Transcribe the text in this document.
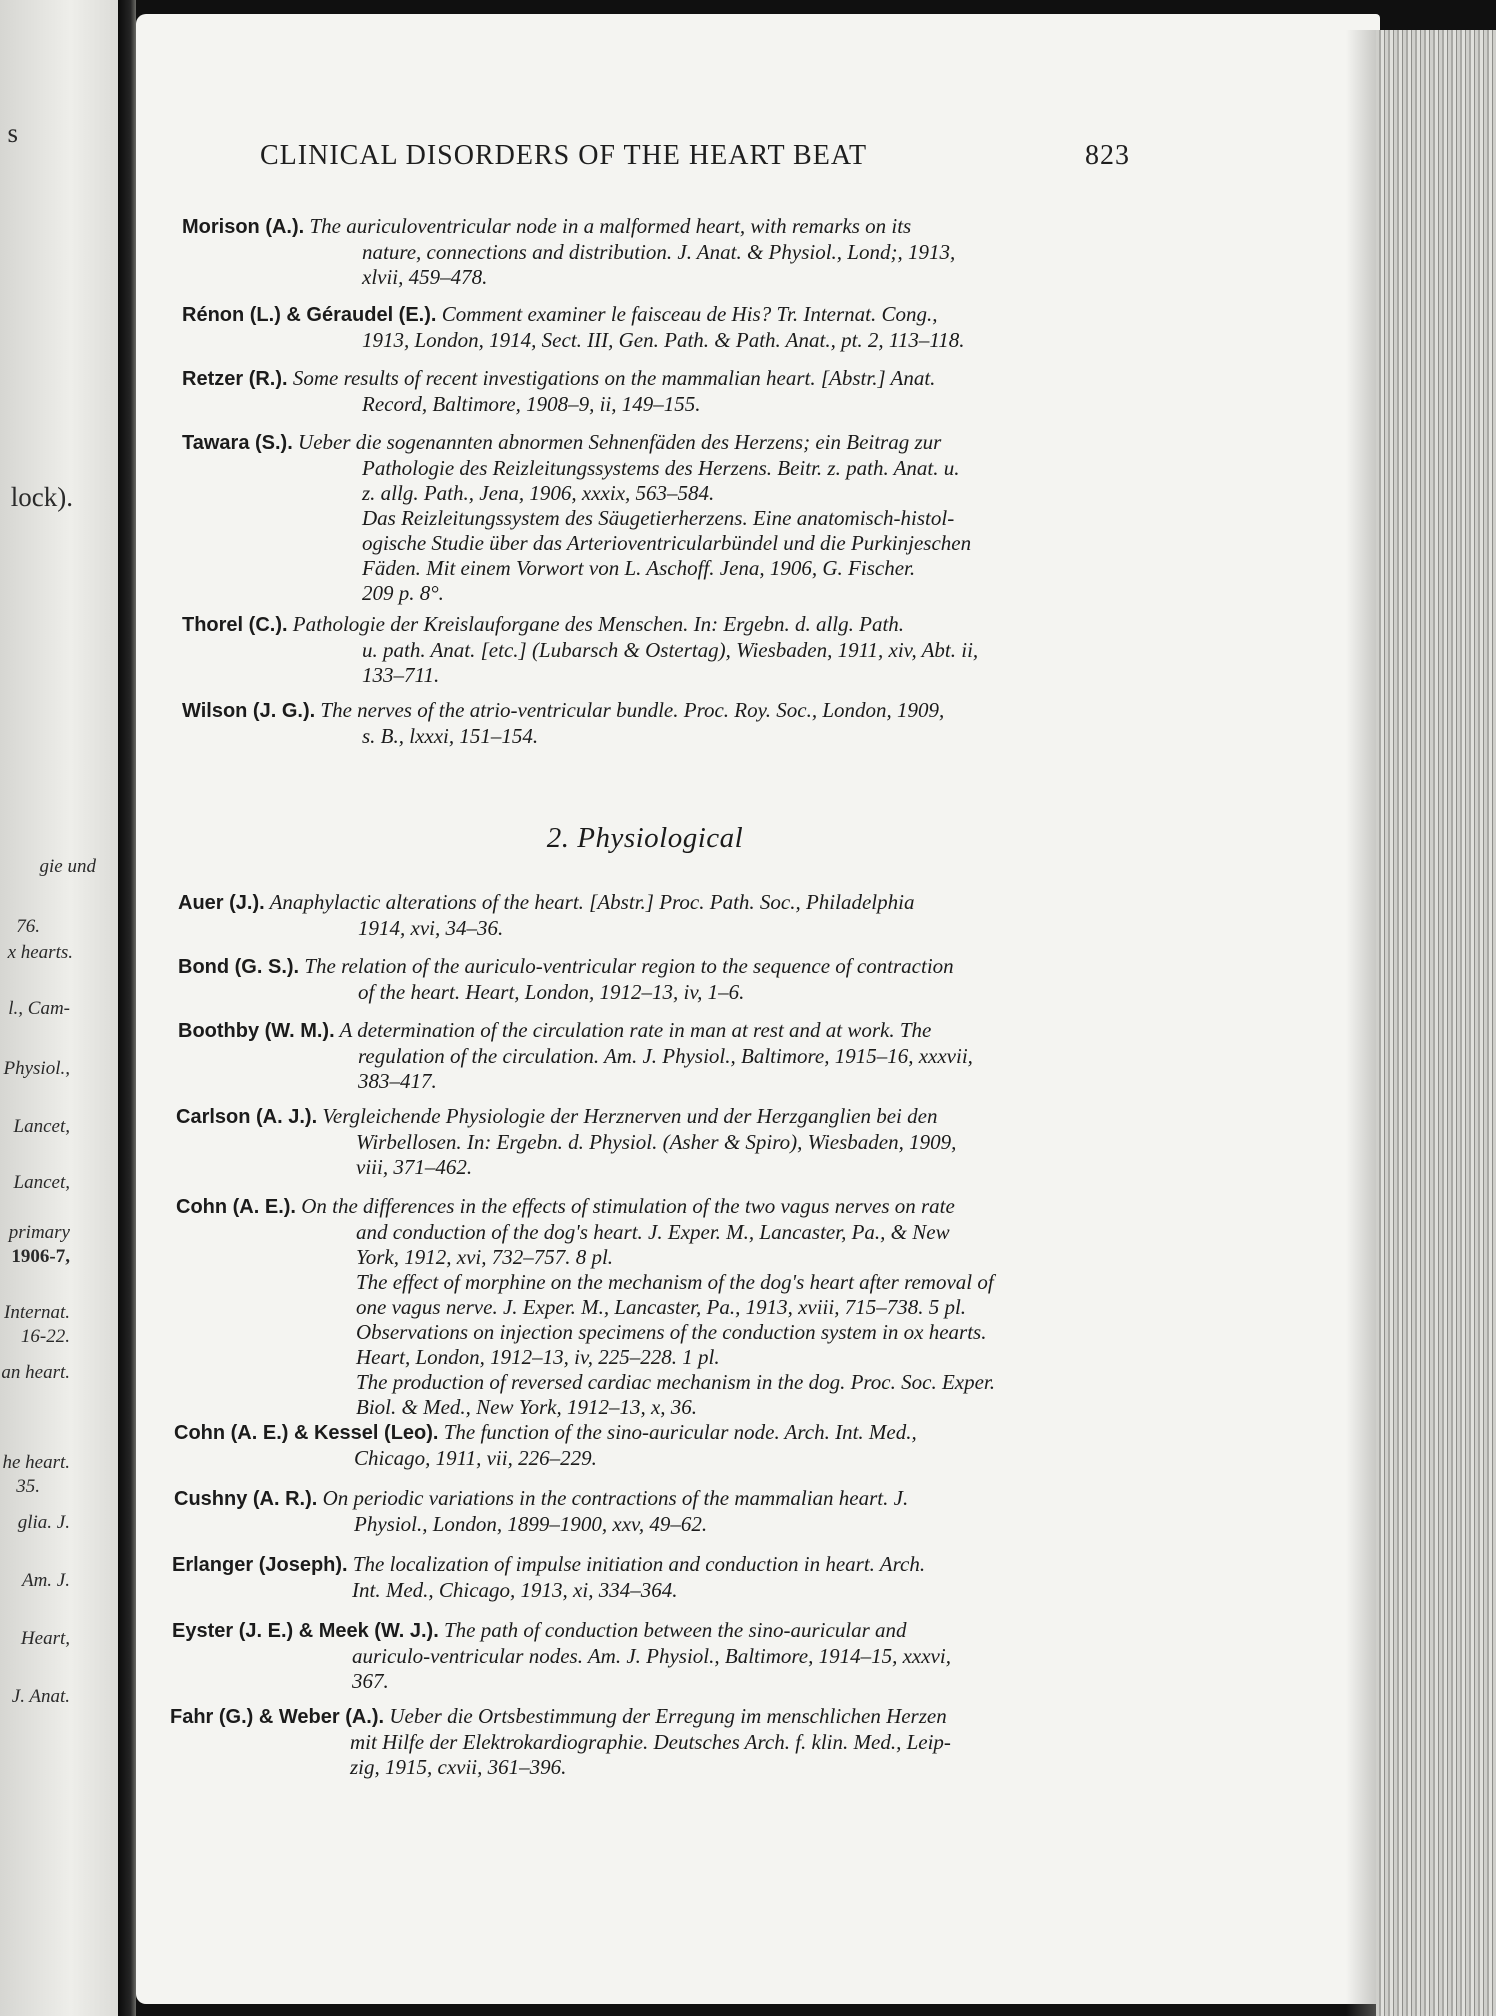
s
lock).
gie und
76.
x hearts.
l., Cam-
Physiol.,
Lancet,
Lancet,
primary
1906-7,
Internat.
16-22.
an heart.
he heart.
35.
glia. J.
Am. J.
Heart,
J. Anat.
CLINICAL DISORDERS OF THE HEART BEAT	823
Morison (A.). The auriculoventricular node in a malformed heart, with remarks on its
nature, connections and distribution. J. Anat. & Physiol., Lond;, 1913,
xlvii, 459–478.
Rénon (L.) & Géraudel (E.). Comment examiner le faisceau de His? Tr. Internat. Cong.,
1913, London, 1914, Sect. III, Gen. Path. & Path. Anat., pt. 2, 113–118.
Retzer (R.). Some results of recent investigations on the mammalian heart. [Abstr.] Anat.
Record, Baltimore, 1908–9, ii, 149–155.
Tawara (S.). Ueber die sogenannten abnormen Sehnenfäden des Herzens; ein Beitrag zur
Pathologie des Reizleitungssystems des Herzens. Beitr. z. path. Anat. u.
z. allg. Path., Jena, 1906, xxxix, 563–584.
Das Reizleitungssystem des Säugetierherzens. Eine anatomisch-histol-
ogische Studie über das Arterioventricularbündel und die Purkinjeschen
Fäden. Mit einem Vorwort von L. Aschoff. Jena, 1906, G. Fischer.
209 p. 8°.
Thorel (C.). Pathologie der Kreislauforgane des Menschen. In: Ergebn. d. allg. Path.
u. path. Anat. [etc.] (Lubarsch & Ostertag), Wiesbaden, 1911, xiv, Abt. ii,
133–711.
Wilson (J. G.). The nerves of the atrio-ventricular bundle. Proc. Roy. Soc., London, 1909,
s. B., lxxxi, 151–154.
2. Physiological
Auer (J.). Anaphylactic alterations of the heart. [Abstr.] Proc. Path. Soc., Philadelphia
1914, xvi, 34–36.
Bond (G. S.). The relation of the auriculo-ventricular region to the sequence of contraction
of the heart. Heart, London, 1912–13, iv, 1–6.
Boothby (W. M.). A determination of the circulation rate in man at rest and at work. The
regulation of the circulation. Am. J. Physiol., Baltimore, 1915–16, xxxvii,
383–417.
Carlson (A. J.). Vergleichende Physiologie der Herznerven und der Herzganglien bei den
Wirbellosen. In: Ergebn. d. Physiol. (Asher & Spiro), Wiesbaden, 1909,
viii, 371–462.
Cohn (A. E.). On the differences in the effects of stimulation of the two vagus nerves on rate
and conduction of the dog's heart. J. Exper. M., Lancaster, Pa., & New
York, 1912, xvi, 732–757. 8 pl.
The effect of morphine on the mechanism of the dog's heart after removal of
one vagus nerve. J. Exper. M., Lancaster, Pa., 1913, xviii, 715–738. 5 pl.
Observations on injection specimens of the conduction system in ox hearts.
Heart, London, 1912–13, iv, 225–228. 1 pl.
The production of reversed cardiac mechanism in the dog. Proc. Soc. Exper.
Biol. & Med., New York, 1912–13, x, 36.
Cohn (A. E.) & Kessel (Leo). The function of the sino-auricular node. Arch. Int. Med.,
Chicago, 1911, vii, 226–229.
Cushny (A. R.). On periodic variations in the contractions of the mammalian heart. J.
Physiol., London, 1899–1900, xxv, 49–62.
Erlanger (Joseph). The localization of impulse initiation and conduction in heart. Arch.
Int. Med., Chicago, 1913, xi, 334–364.
Eyster (J. E.) & Meek (W. J.). The path of conduction between the sino-auricular and
auriculo-ventricular nodes. Am. J. Physiol., Baltimore, 1914–15, xxxvi,
367.
Fahr (G.) & Weber (A.). Ueber die Ortsbestimmung der Erregung im menschlichen Herzen
mit Hilfe der Elektrokardiographie. Deutsches Arch. f. klin. Med., Leip-
zig, 1915, cxvii, 361–396.
